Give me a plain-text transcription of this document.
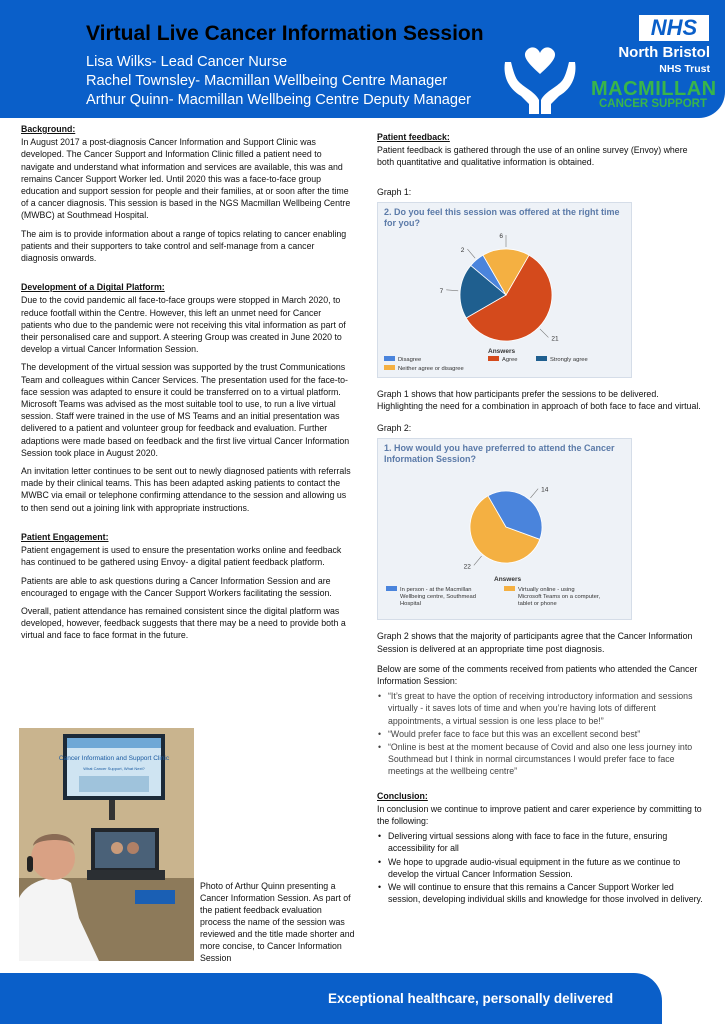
Virtual Live Cancer Information Session
Lisa Wilks- Lead Cancer Nurse
Rachel Townsley- Macmillan Wellbeing Centre Manager
Arthur Quinn- Macmillan Wellbeing Centre Deputy Manager
NHS
North Bristol
NHS Trust
MACMILLAN
CANCER SUPPORT
Background:

In August 2017 a post-diagnosis Cancer Information and Support Clinic was developed. The Cancer Support and Information Clinic filled a patient need to navigate and understand what information and services are available, this was and remains Cancer Support Worker led. Until 2020 this was a face-to-face group education and support session for people and their families, at or soon after the time of a cancer diagnosis. This session is based in the NGS Macmillan Wellbeing Centre (MWBC) at Southmead Hospital.

The aim is to provide information about a range of topics relating to cancer enabling patients and their supporters to take control and self-manage from a cancer diagnosis onwards.

Development of a Digital Platform:

Due to the covid pandemic all face-to-face groups were stopped in March 2020, to reduce footfall within the Centre. However, this left an unmet need for Cancer patients who due to the pandemic were not receiving this vital information as part of their personalised care and support. A steering Group was created in June 2020 to develop a virtual Cancer Information Session.

The development of the virtual session was supported by the trust Communications Team and colleagues within Cancer Services. The presentation used for the face-to-face session was adapted to ensure it could be transferred on to a virtual platform. Microsoft Teams was advised as the most suitable tool to use, to run a live virtual session. Staff were trained in the use of MS Teams and an initial presentation was delivered to a patient and volunteer group for feedback and evaluation. Further adaptions were made based on feedback and the first live virtual Cancer Information Session took place in August 2020.

An invitation letter continues to be sent out to newly diagnosed patients with referrals made by their clinical teams. This has been adapted asking patients to contact the MWBC via email or telephone confirming attendance to the session and allowing us to then send out a joining link with appropriate instructions.

Patient Engagement:

Patient engagement is used to ensure the presentation works online and feedback has continued to be gathered using Envoy- a digital patient feedback platform.

Patients are able to ask questions during a Cancer Information Session and are encouraged to engage with the Cancer Support Workers facilitating the session.

Overall, patient attendance has remained consistent since the digital platform was developed, however, feedback suggests that there may be a need to provide both a virtual and face to face format in the future.

Cancer Information and Support Clinic
What Cancer Support, What Next?
Photo of Arthur Quinn presenting a Cancer Information Session. As part of the patient feedback evaluation process the name of the session was reviewed and the title made shorter and more concise, to Cancer Information Session
Patient feedback:

Patient feedback is gathered through the use of an online survey (Envoy) where both quantitative and qualitative information is obtained.

Graph 1:

2. Do you feel this session was offered at the right time for you?
21
7
2
6
Answers
Disagree
Neither agree or disagree
Agree	Strongly agree

Graph 1 shows that how participants prefer the sessions to be delivered. Highlighting the need for a combination in approach of both face to face and virtual.

Graph 2:

1. How would you have preferred to attend the Cancer Information Session?
22
14
Answers
In person - at the Macmillan Wellbeing centre, Southmead Hospital
Virtually online - using Microsoft Teams on a computer, tablet or phone

Graph 2 shows that the majority of participants agree that the Cancer Information Session is delivered at an appropriate time post diagnosis.

Below are some of the comments received from patients who attended the Cancer Information Session:

• “It’s great to have the option of receiving introductory information and sessions virtually - it saves lots of time and when you’re having lots of different appointments, a virtual session is one less place to be!”
• “Would prefer face to face but this was an excellent second best”
• “Online is best at the moment because of Covid and also one less journey into Southmead but I think in normal circumstances I would prefer face to face meetings at the wellbeing centre”
Conclusion:

In conclusion we continue to improve patient and carer experience by committing to the following:

• Delivering virtual sessions along with face to face in the future, ensuring accessibility for all
• We hope to upgrade audio-visual equipment in the future as we continue to develop the virtual Cancer Information Session.
• We will continue to ensure that this remains a Cancer Support Worker led session, developing individual skills and knowledge for those involved in delivery.
Exceptional healthcare, personally delivered
